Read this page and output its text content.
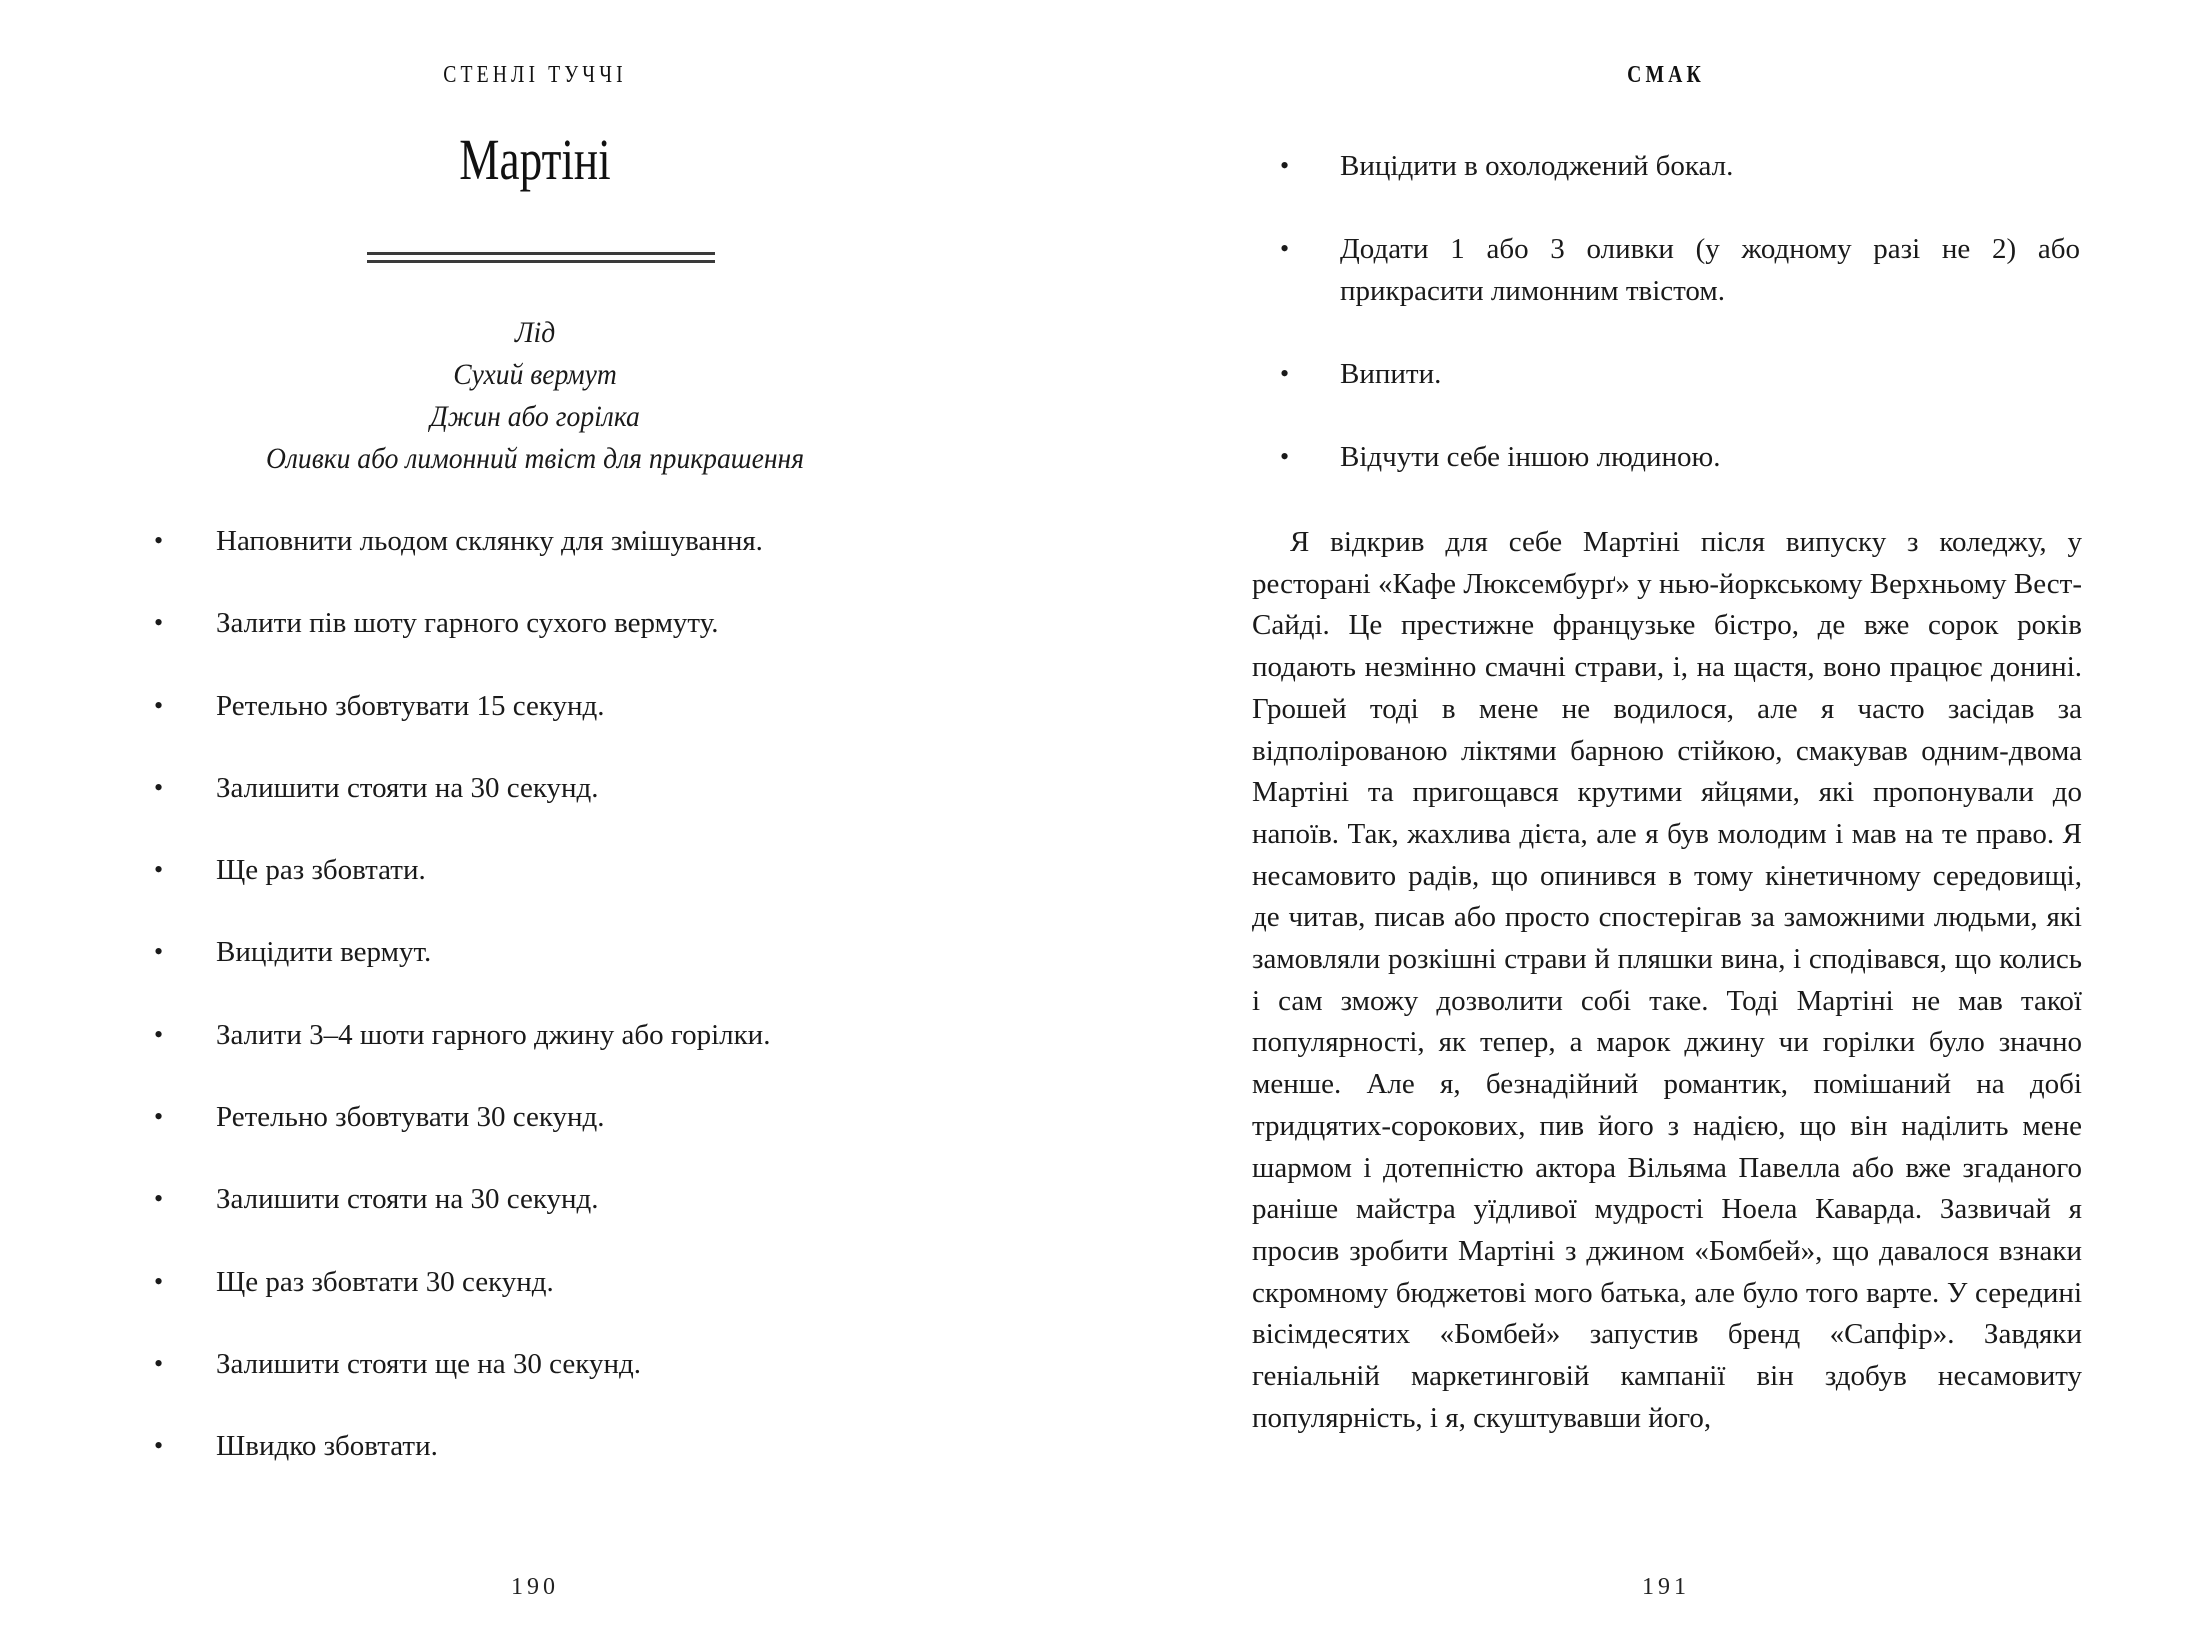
СТЕНЛІ ТУЧЧІ
Мартіні
Лід
Сухий вермут
Джин або горілка
Оливки або лимонний твіст для прикрашення
• Наповнити льодом склянку для змішування.
• Залити пів шоту гарного сухого вермуту.
• Ретельно збовтувати 15 секунд.
• Залишити стояти на 30 секунд.
• Ще раз збовтати.
• Вицідити вермут.
• Залити 3–4 шоти гарного джину або горілки.
• Ретельно збовтувати 30 секунд.
• Залишити стояти на 30 секунд.
• Ще раз збовтати 30 секунд.
• Залишити стояти ще на 30 секунд.
• Швидко збовтати.
190
СМАК
• Вицідити в охолоджений бокал.
• Додати 1 або 3 оливки (у жодному разі не 2) або прикрасити лимонним твістом.
• Випити.
• Відчути себе іншою людиною.

Я відкрив для себе Мартіні після випуску з коледжу, у ресторані «Кафе Люксембурґ» у нью-йоркському Верхньому Вест-Сайді. Це престижне французьке бістро, де вже сорок років подають незмінно смачні страви, і, на щастя, воно працює донині. Грошей тоді в мене не водилося, але я часто засідав за відполірованою ліктями барною стійкою, смакував одним-двома Мартіні та пригощався крутими яйцями, які пропонували до напоїв. Так, жахлива дієта, але я був молодим і мав на те право. Я несамовито радів, що опинився в тому кінетичному середовищі, де читав, писав або просто спостерігав за заможними людьми, які замовляли розкішні страви й пляшки вина, і сподівався, що колись і сам зможу дозволити собі таке. Тоді Мартіні не мав такої популярності, як тепер, а марок джину чи горілки було значно менше. Але я, безнадійний романтик, помішаний на добі тридцятих-сорокових, пив його з надією, що він наділить мене шармом і дотепністю актора Вільяма Павелла або вже згаданого раніше майстра уїдливої мудрості Ноела Каварда. Зазвичай я просив зробити Мартіні з джином «Бомбей», що давалося взнаки скромному бюджетові мого батька, але було того варте. У середині вісімдесятих «Бомбей» запустив бренд «Сапфір». Завдяки геніальній маркетинговій кампанії він здобув несамовиту популярність, і я, скуштувавши його,

191
